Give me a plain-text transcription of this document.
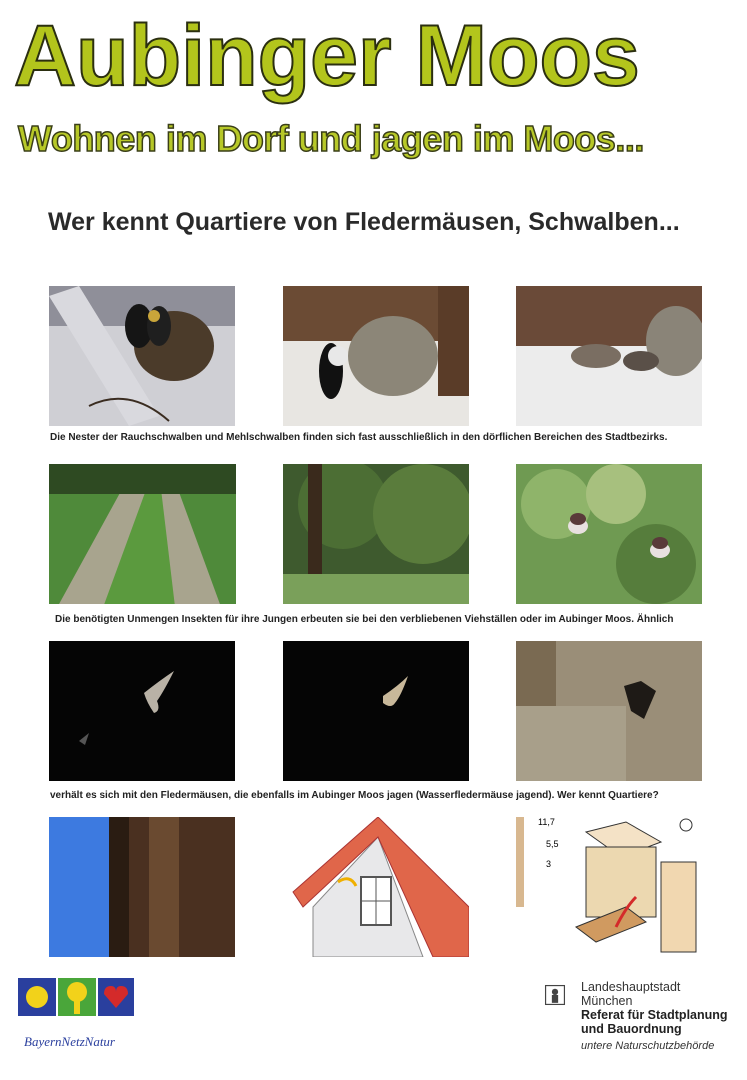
Aubinger Moos
Wohnen im Dorf und jagen im Moos...
Wer kennt Quartiere von Fledermäusen, Schwalben...
Die Nester der Rauchschwalben und Mehlschwalben finden sich fast ausschließlich in den dörflichen Bereichen des Stadtbezirks.
Die benötigten Unmengen Insekten für ihre Jungen erbeuten sie bei den verbliebenen Viehställen oder im Aubinger Moos. Ähnlich
verhält es sich mit den Fledermäusen, die ebenfalls im Aubinger Moos jagen (Wasserfledermäuse jagend). Wer kennt Quartiere?
11,7
5,5
3
BayernNetzNatur
Landeshauptstadt
München
Referat für Stadtplanung
und Bauordnung
untere Naturschutzbehörde
